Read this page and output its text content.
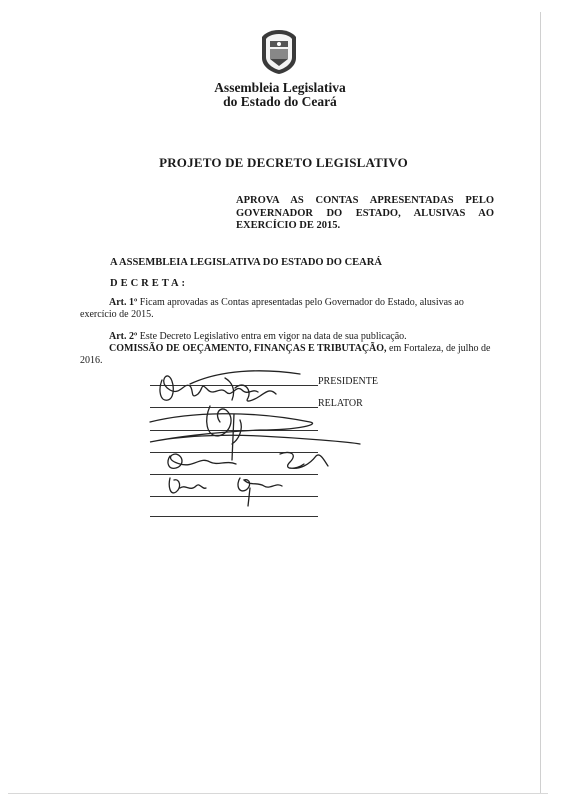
Assembleia Legislativa
do Estado do Ceará
PROJETO DE DECRETO LEGISLATIVO
APROVA AS CONTAS APRESENTADAS PELO
GOVERNADOR DO ESTADO, ALUSIVAS AO
EXERCÍCIO DE 2015.
A ASSEMBLEIA LEGISLATIVA DO ESTADO DO CEARÁ
DECRETA:
Art. 1º Ficam aprovadas as Contas apresentadas pelo Governador do Estado, alusivas ao exercício de 2015.
Art. 2º Este Decreto Legislativo entra em vigor na data de sua publicação.
COMISSÃO DE OEÇAMENTO, FINANÇAS E TRIBUTAÇÃO, em Fortaleza, de julho de 2016.
PRESIDENTE
RELATOR
